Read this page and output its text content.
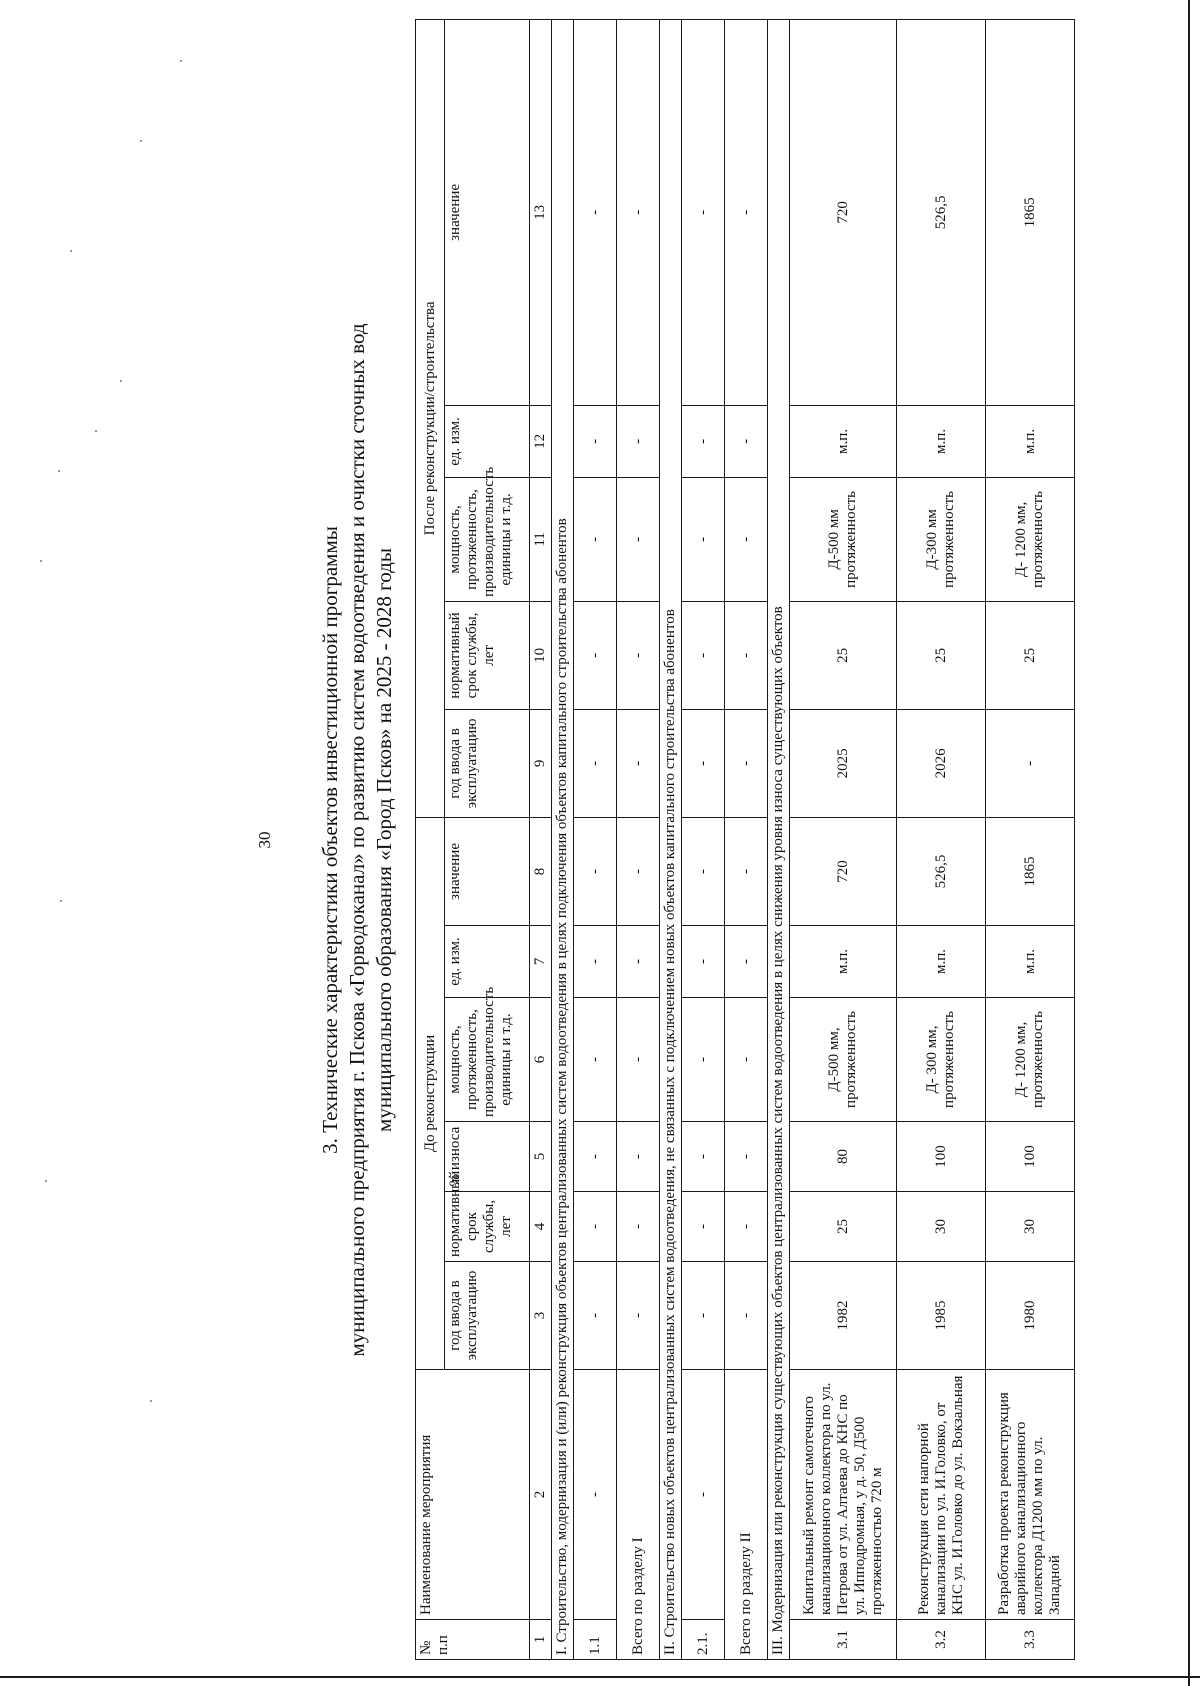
30 3. Технические характеристики объектов инвестиционной программы муниципального предприятия г. Пскова «Горводоканал» по развитию систем водоотведения и очистки сточных вод муниципального образования «Город Псков» на 2025 - 2028 годы
№ п.п	Наименование мероприятия	До реконструкции						После реконструкции/строительства				
		год ввода в эксплуатацию	нормативный срок службы, лет	% износа	мощность, протяженность, производительность единицы и т.д.	ед. изм.	значение	год ввода в эксплуатацию	нормативный срок службы, лет	мощность, протяженность, производительность единицы и т.д.	ед. изм.	значение
1	2	3	4	5	6	7	8	9	10	11	12	13
I. Строительство, модернизация и (или) реконструкция объектов централизованных систем водоотведения в целях подключения объектов капитального строительства абонентов												
1.1	-	-	-	-	-	-	-	-	-	-	-	-
Всего по разделу I		-	-	-	-	-	-	-	-	-	-	-
II. Строительство новых объектов централизованных систем водоотведения, не связанных с подключением новых объектов капитального строительства абонентов												
2.1.	-	-	-	-	-	-	-	-	-	-	-	-
Всего по разделу II		-	-	-	-	-	-	-	-	-	-	-
III. Модернизация или реконструкция существующих объектов централизованных систем водоотведения в целях снижения уровня износа существующих объектов												
3.1	Капитальный ремонт самотечного канализационного коллектора по ул. Петрова от ул. Алтаева до КНС по ул. Ипподромная, у д. 50, Д500 протяженностью 720 м	1982	25	80	Д-500 мм, протяженность	м.п.	720	2025	25	Д-500 мм протяженность	м.п.	720
3.2	Реконструкция сети напорной канализации по ул. И.Головко, от КНС ул. И.Головко до ул. Вокзальная	1985	30	100	Д- 300 мм, протяженность	м.п.	526,5	2026	25	Д-300 мм протяженность	м.п.	526,5
3.3	Разработка проекта реконструкция аварийного канализационного коллектора Д1200 мм по ул. Западной	1980	30	100	Д- 1200 мм, протяженность	м.п.	1865	-	25	Д- 1200 мм, протяженность	м.п.	1865
